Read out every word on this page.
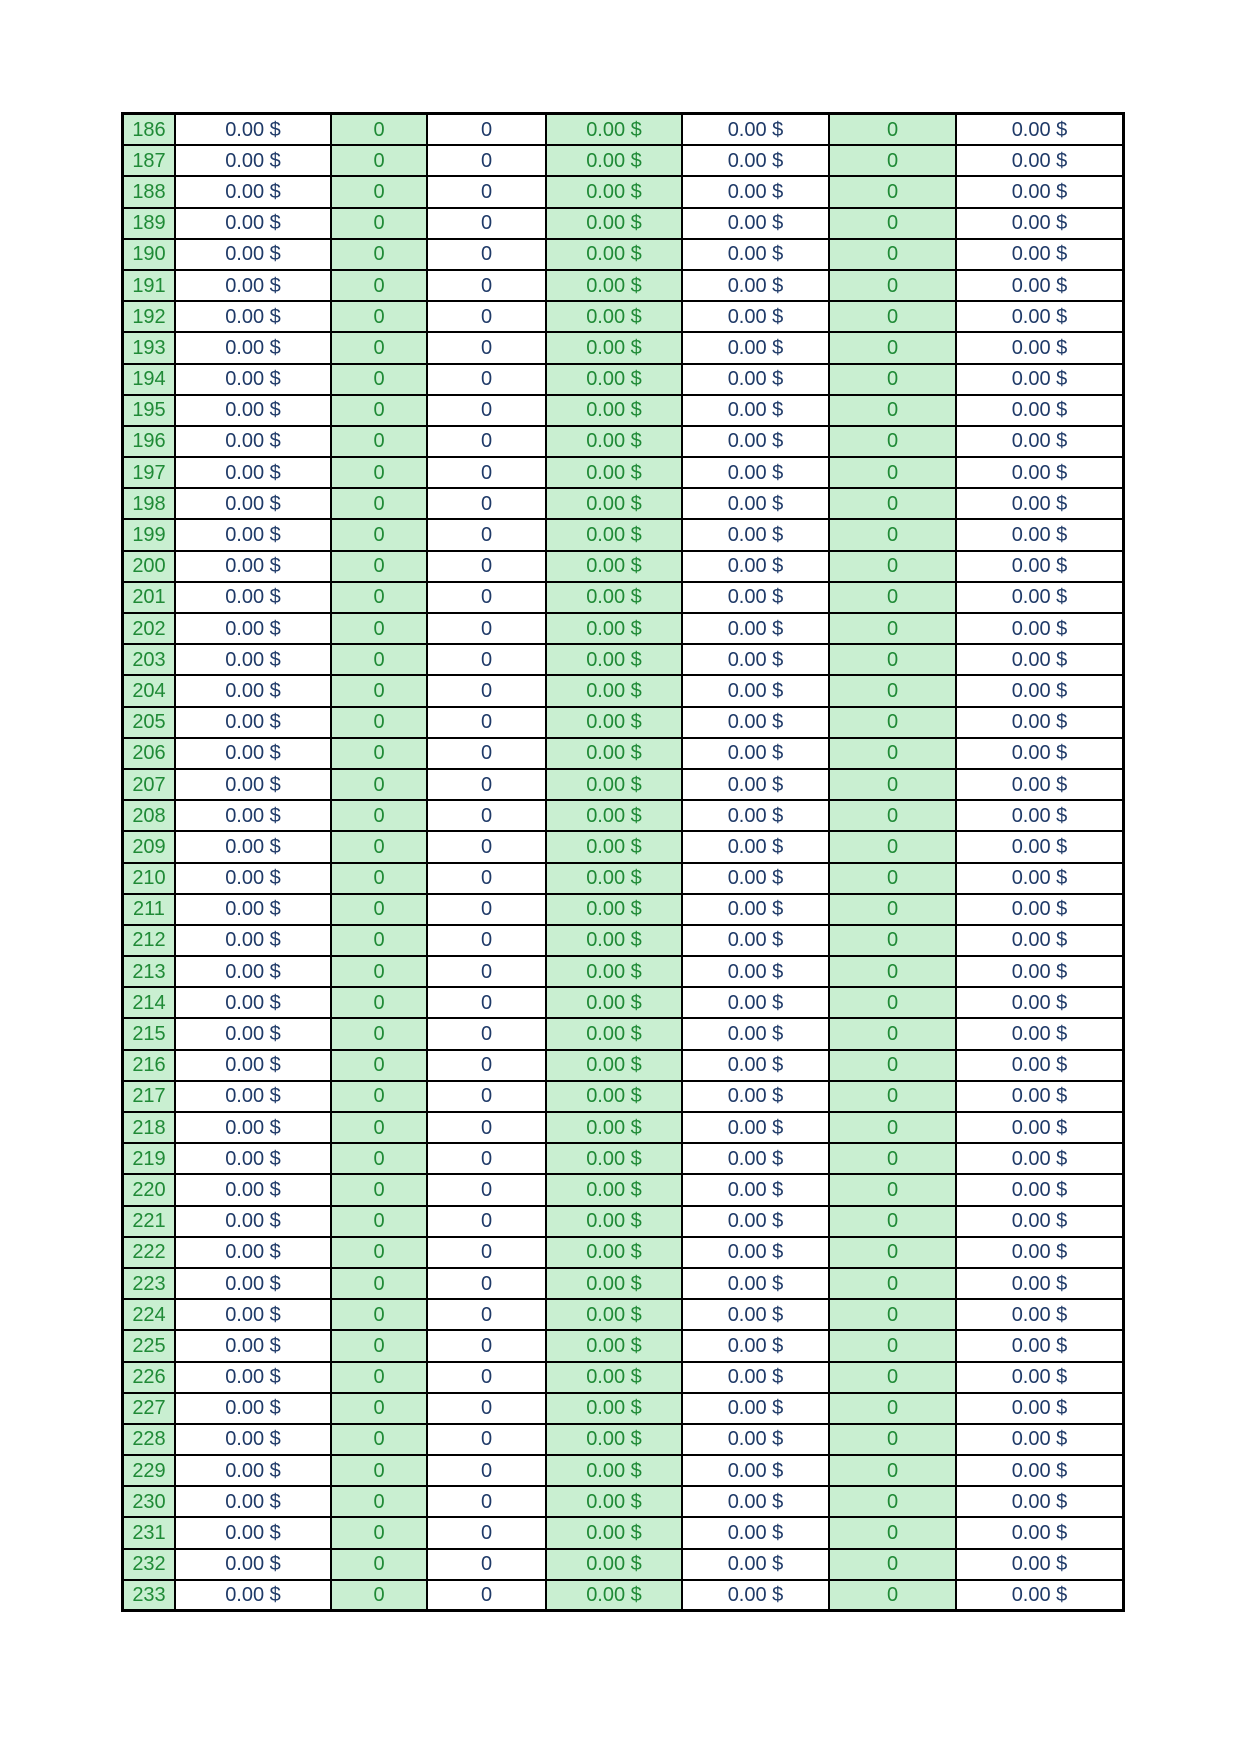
186	0.00 $	0	0	0.00 $	0.00 $	0	0.00 $
187	0.00 $	0	0	0.00 $	0.00 $	0	0.00 $
188	0.00 $	0	0	0.00 $	0.00 $	0	0.00 $
189	0.00 $	0	0	0.00 $	0.00 $	0	0.00 $
190	0.00 $	0	0	0.00 $	0.00 $	0	0.00 $
191	0.00 $	0	0	0.00 $	0.00 $	0	0.00 $
192	0.00 $	0	0	0.00 $	0.00 $	0	0.00 $
193	0.00 $	0	0	0.00 $	0.00 $	0	0.00 $
194	0.00 $	0	0	0.00 $	0.00 $	0	0.00 $
195	0.00 $	0	0	0.00 $	0.00 $	0	0.00 $
196	0.00 $	0	0	0.00 $	0.00 $	0	0.00 $
197	0.00 $	0	0	0.00 $	0.00 $	0	0.00 $
198	0.00 $	0	0	0.00 $	0.00 $	0	0.00 $
199	0.00 $	0	0	0.00 $	0.00 $	0	0.00 $
200	0.00 $	0	0	0.00 $	0.00 $	0	0.00 $
201	0.00 $	0	0	0.00 $	0.00 $	0	0.00 $
202	0.00 $	0	0	0.00 $	0.00 $	0	0.00 $
203	0.00 $	0	0	0.00 $	0.00 $	0	0.00 $
204	0.00 $	0	0	0.00 $	0.00 $	0	0.00 $
205	0.00 $	0	0	0.00 $	0.00 $	0	0.00 $
206	0.00 $	0	0	0.00 $	0.00 $	0	0.00 $
207	0.00 $	0	0	0.00 $	0.00 $	0	0.00 $
208	0.00 $	0	0	0.00 $	0.00 $	0	0.00 $
209	0.00 $	0	0	0.00 $	0.00 $	0	0.00 $
210	0.00 $	0	0	0.00 $	0.00 $	0	0.00 $
211	0.00 $	0	0	0.00 $	0.00 $	0	0.00 $
212	0.00 $	0	0	0.00 $	0.00 $	0	0.00 $
213	0.00 $	0	0	0.00 $	0.00 $	0	0.00 $
214	0.00 $	0	0	0.00 $	0.00 $	0	0.00 $
215	0.00 $	0	0	0.00 $	0.00 $	0	0.00 $
216	0.00 $	0	0	0.00 $	0.00 $	0	0.00 $
217	0.00 $	0	0	0.00 $	0.00 $	0	0.00 $
218	0.00 $	0	0	0.00 $	0.00 $	0	0.00 $
219	0.00 $	0	0	0.00 $	0.00 $	0	0.00 $
220	0.00 $	0	0	0.00 $	0.00 $	0	0.00 $
221	0.00 $	0	0	0.00 $	0.00 $	0	0.00 $
222	0.00 $	0	0	0.00 $	0.00 $	0	0.00 $
223	0.00 $	0	0	0.00 $	0.00 $	0	0.00 $
224	0.00 $	0	0	0.00 $	0.00 $	0	0.00 $
225	0.00 $	0	0	0.00 $	0.00 $	0	0.00 $
226	0.00 $	0	0	0.00 $	0.00 $	0	0.00 $
227	0.00 $	0	0	0.00 $	0.00 $	0	0.00 $
228	0.00 $	0	0	0.00 $	0.00 $	0	0.00 $
229	0.00 $	0	0	0.00 $	0.00 $	0	0.00 $
230	0.00 $	0	0	0.00 $	0.00 $	0	0.00 $
231	0.00 $	0	0	0.00 $	0.00 $	0	0.00 $
232	0.00 $	0	0	0.00 $	0.00 $	0	0.00 $
233	0.00 $	0	0	0.00 $	0.00 $	0	0.00 $
